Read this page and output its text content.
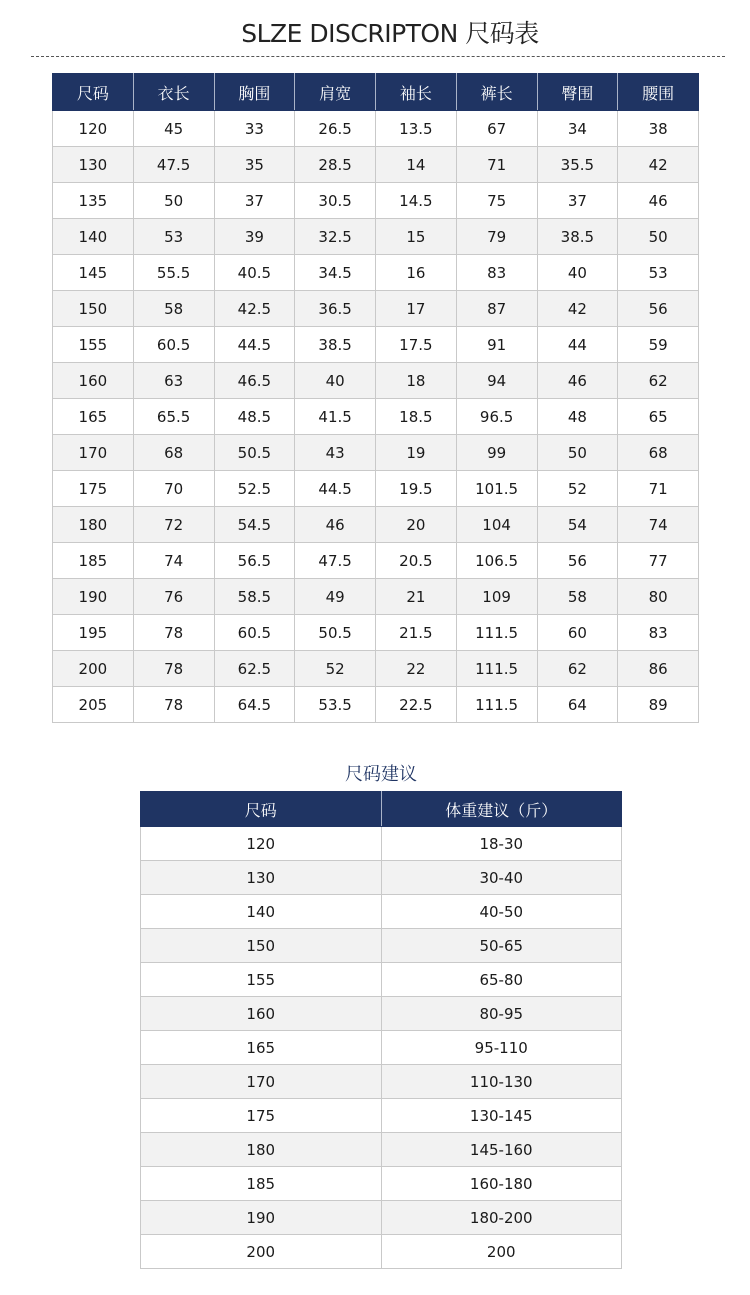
SLZE DISCRIPTON 尺码表
尺码	衣长	胸围	肩宽	袖长	裤长	臀围	腰围
120	45	33	26.5	13.5	67	34	38
130	47.5	35	28.5	14	71	35.5	42
135	50	37	30.5	14.5	75	37	46
140	53	39	32.5	15	79	38.5	50
145	55.5	40.5	34.5	16	83	40	53
150	58	42.5	36.5	17	87	42	56
155	60.5	44.5	38.5	17.5	91	44	59
160	63	46.5	40	18	94	46	62
165	65.5	48.5	41.5	18.5	96.5	48	65
170	68	50.5	43	19	99	50	68
175	70	52.5	44.5	19.5	101.5	52	71
180	72	54.5	46	20	104	54	74
185	74	56.5	47.5	20.5	106.5	56	77
190	76	58.5	49	21	109	58	80
195	78	60.5	50.5	21.5	111.5	60	83
200	78	62.5	52	22	111.5	62	86
205	78	64.5	53.5	22.5	111.5	64	89
尺码建议
尺码	体重建议（斤）
120	18-30
130	30-40
140	40-50
150	50-65
155	65-80
160	80-95
165	95-110
170	110-130
175	130-145
180	145-160
185	160-180
190	180-200
200	200
